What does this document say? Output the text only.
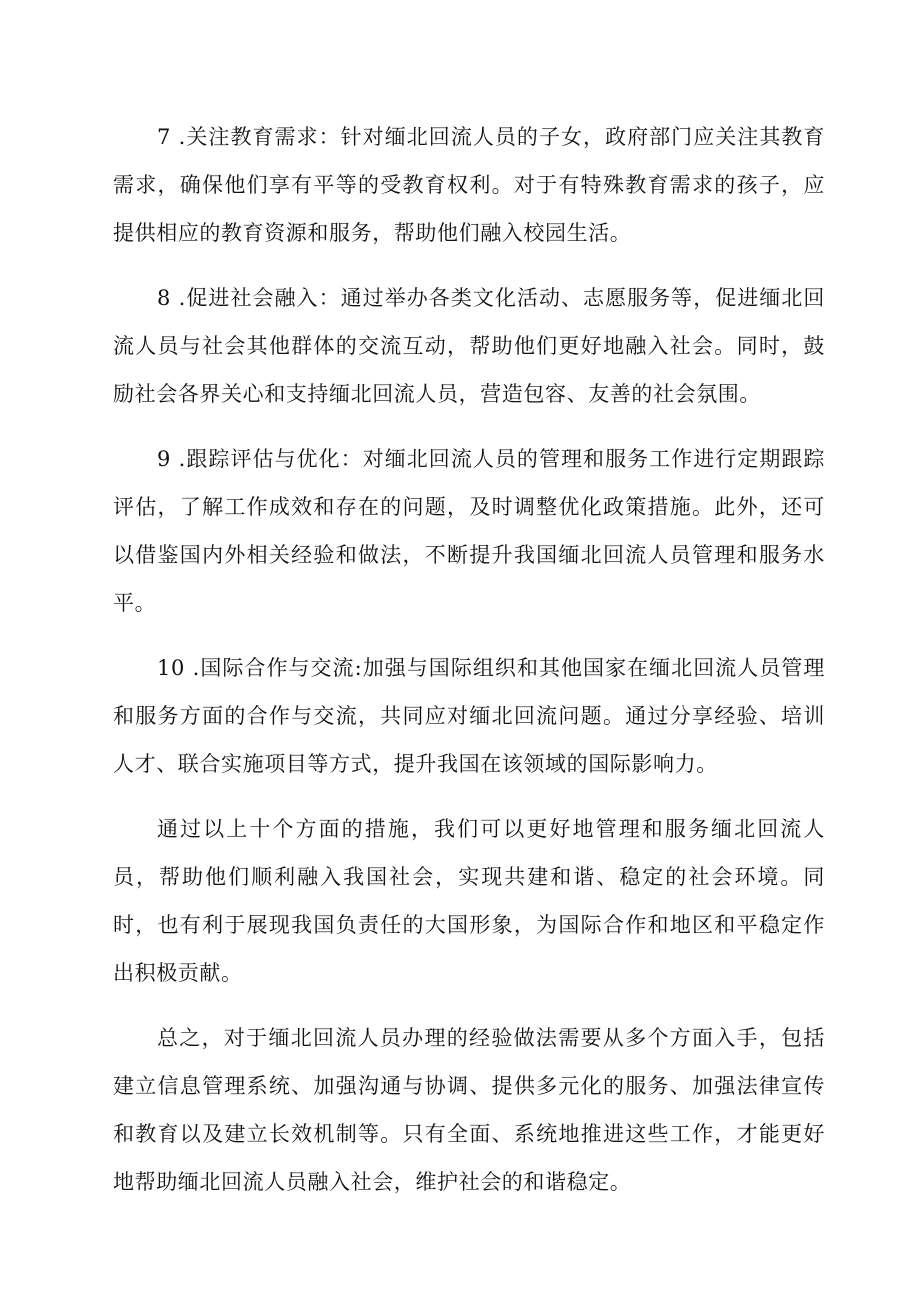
7 .关注教育需求：针对缅北回流人员的子女，政府部门应关注其教育需求，确保他们享有平等的受教育权利。对于有特殊教育需求的孩子，应提供相应的教育资源和服务，帮助他们融入校园生活。

8 .促进社会融入：通过举办各类文化活动、志愿服务等，促进缅北回流人员与社会其他群体的交流互动，帮助他们更好地融入社会。同时，鼓励社会各界关心和支持缅北回流人员，营造包容、友善的社会氛围。

9 .跟踪评估与优化：对缅北回流人员的管理和服务工作进行定期跟踪评估，了解工作成效和存在的问题，及时调整优化政策措施。此外，还可以借鉴国内外相关经验和做法，不断提升我国缅北回流人员管理和服务水平。

10 .国际合作与交流:加强与国际组织和其他国家在缅北回流人员管理和服务方面的合作与交流，共同应对缅北回流问题。通过分享经验、培训人才、联合实施项目等方式，提升我国在该领域的国际影响力。

通过以上十个方面的措施，我们可以更好地管理和服务缅北回流人员，帮助他们顺利融入我国社会，实现共建和谐、稳定的社会环境。同时，也有利于展现我国负责任的大国形象，为国际合作和地区和平稳定作出积极贡献。

总之，对于缅北回流人员办理的经验做法需要从多个方面入手，包括建立信息管理系统、加强沟通与协调、提供多元化的服务、加强法律宣传和教育以及建立长效机制等。只有全面、系统地推进这些工作，才能更好地帮助缅北回流人员融入社会，维护社会的和谐稳定。
